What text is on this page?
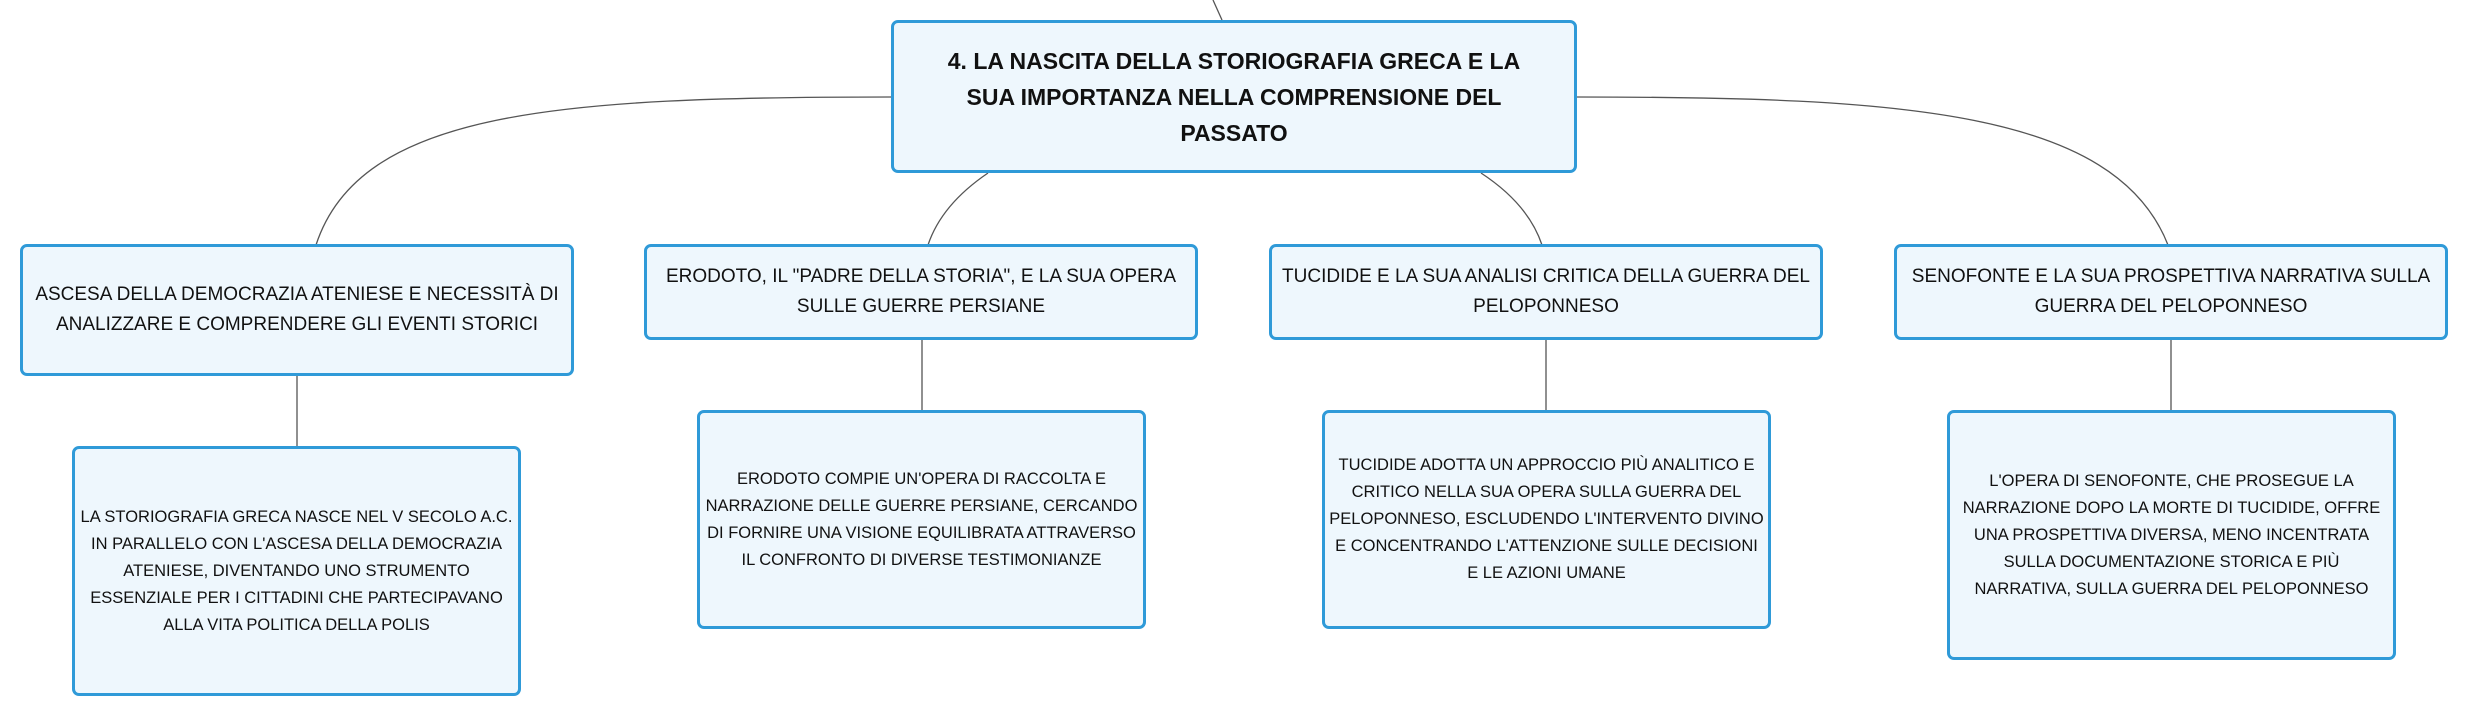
4. LA NASCITA DELLA STORIOGRAFIA GRECA E LA SUA IMPORTANZA NELLA COMPRENSIONE DEL PASSATO
ASCESA DELLA DEMOCRAZIA ATENIESE E NECESSITÀ DI ANALIZZARE E COMPRENDERE GLI EVENTI STORICI
ERODOTO, IL "PADRE DELLA STORIA", E LA SUA OPERA SULLE GUERRE PERSIANE
TUCIDIDE E LA SUA ANALISI CRITICA DELLA GUERRA DEL PELOPONNESO
SENOFONTE E LA SUA PROSPETTIVA NARRATIVA SULLA GUERRA DEL PELOPONNESO
LA STORIOGRAFIA GRECA NASCE NEL V SECOLO A.C. IN PARALLELO CON L'ASCESA DELLA DEMOCRAZIA ATENIESE, DIVENTANDO UNO STRUMENTO ESSENZIALE PER I CITTADINI CHE PARTECIPAVANO ALLA VITA POLITICA DELLA POLIS
ERODOTO COMPIE UN'OPERA DI RACCOLTA E NARRAZIONE DELLE GUERRE PERSIANE, CERCANDO DI FORNIRE UNA VISIONE EQUILIBRATA ATTRAVERSO IL CONFRONTO DI DIVERSE TESTIMONIANZE
TUCIDIDE ADOTTA UN APPROCCIO PIÙ ANALITICO E CRITICO NELLA SUA OPERA SULLA GUERRA DEL PELOPONNESO, ESCLUDENDO L'INTERVENTO DIVINO E CONCENTRANDO L'ATTENZIONE SULLE DECISIONI E LE AZIONI UMANE
L'OPERA DI SENOFONTE, CHE PROSEGUE LA NARRAZIONE DOPO LA MORTE DI TUCIDIDE, OFFRE UNA PROSPETTIVA DIVERSA, MENO INCENTRATA SULLA DOCUMENTAZIONE STORICA E PIÙ NARRATIVA, SULLA GUERRA DEL PELOPONNESO
